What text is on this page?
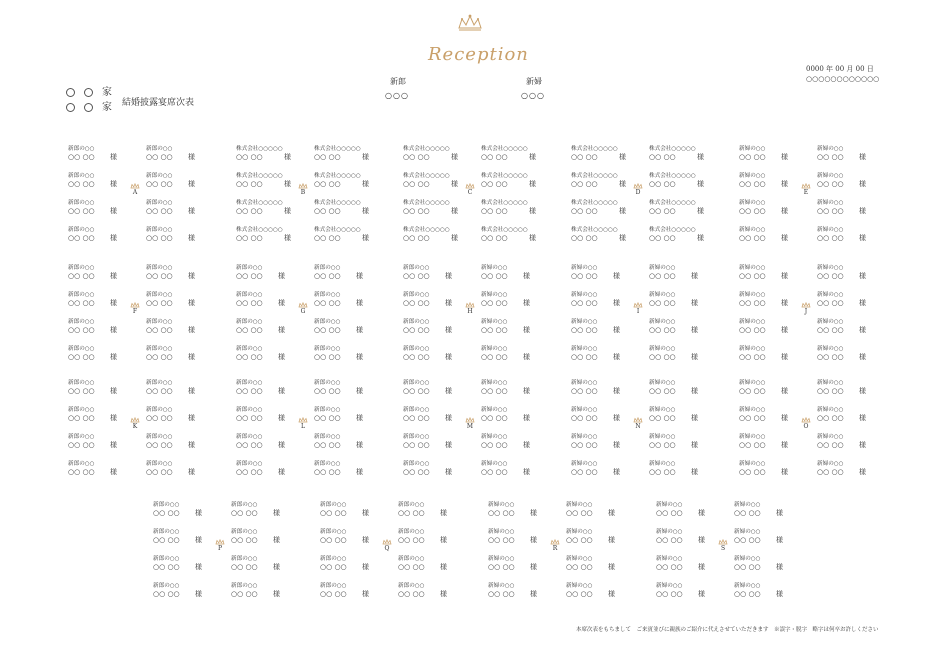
家
家 結婚披露宴席次表
Reception
新郎
○○○
新婦
○○○
0000 年 00 月 00 日
○○○○○○○○○○○○
新郎の○○
○○ ○○ 様
新郎の○○
○○ ○○ 様
新郎の○○
○○ ○○ 様
新郎の○○
○○ ○○ 様
新郎の○○
○○ ○○ 様
新郎の○○
○○ ○○ 様
新郎の○○
○○ ○○ 様
新郎の○○
○○ ○○ 様
A
株式会社○○○○○
○○ ○○	様
株式会社○○○○○
○○ ○○	様
株式会社○○○○○
○○ ○○	様
株式会社○○○○○
○○ ○○	様
株式会社○○○○○
○○ ○○	様
株式会社○○○○○
○○ ○○	様
株式会社○○○○○
○○ ○○	様
株式会社○○○○○
○○ ○○	様
B
株式会社○○○○○
○○ ○○	様
株式会社○○○○○
○○ ○○	様
株式会社○○○○○
○○ ○○	様
株式会社○○○○○
○○ ○○	様
株式会社○○○○○
○○ ○○	様
株式会社○○○○○
○○ ○○	様
株式会社○○○○○
○○ ○○	様
株式会社○○○○○
○○ ○○	様
C
株式会社○○○○○
○○ ○○	様
株式会社○○○○○
○○ ○○	様
株式会社○○○○○
○○ ○○	様
株式会社○○○○○
○○ ○○	様
株式会社○○○○○
○○ ○○	様
株式会社○○○○○
○○ ○○	様
株式会社○○○○○
○○ ○○	様
株式会社○○○○○
○○ ○○	様
D
新婦の○○
○○ ○○ 様
新婦の○○
○○ ○○ 様
新婦の○○
○○ ○○ 様
新婦の○○
○○ ○○ 様
新婦の○○
○○ ○○ 様
新婦の○○
○○ ○○ 様
新婦の○○
○○ ○○ 様
新婦の○○
○○ ○○ 様
E
新郎の○○
○○ ○○ 様
新郎の○○
○○ ○○ 様
新郎の○○
○○ ○○ 様
新郎の○○
○○ ○○ 様
新郎の○○
○○ ○○ 様
新郎の○○
○○ ○○ 様
新郎の○○
○○ ○○ 様
新郎の○○
○○ ○○ 様
F
新郎の○○
○○ ○○ 様
新郎の○○
○○ ○○ 様
新郎の○○
○○ ○○ 様
新郎の○○
○○ ○○ 様
新郎の○○
○○ ○○ 様
新郎の○○
○○ ○○ 様
新郎の○○
○○ ○○ 様
新郎の○○
○○ ○○ 様
G
新郎の○○
○○ ○○ 様
新婦の○○
○○ ○○ 様
新郎の○○
○○ ○○ 様
新婦の○○
○○ ○○ 様
新郎の○○
○○ ○○ 様
新婦の○○
○○ ○○ 様
新郎の○○
○○ ○○ 様
新婦の○○
○○ ○○ 様
H
新婦の○○
○○ ○○ 様
新婦の○○
○○ ○○ 様
新婦の○○
○○ ○○ 様
新婦の○○
○○ ○○ 様
新婦の○○
○○ ○○ 様
新婦の○○
○○ ○○ 様
新婦の○○
○○ ○○ 様
新婦の○○
○○ ○○ 様
I
新婦の○○
○○ ○○ 様
新婦の○○
○○ ○○ 様
新婦の○○
○○ ○○ 様
新婦の○○
○○ ○○ 様
新婦の○○
○○ ○○ 様
新婦の○○
○○ ○○ 様
新婦の○○
○○ ○○ 様
新婦の○○
○○ ○○ 様
J
新郎の○○
○○ ○○ 様
新郎の○○
○○ ○○ 様
新郎の○○
○○ ○○ 様
新郎の○○
○○ ○○ 様
新郎の○○
○○ ○○ 様
新郎の○○
○○ ○○ 様
新郎の○○
○○ ○○ 様
新郎の○○
○○ ○○ 様
K
新郎の○○
○○ ○○ 様
新郎の○○
○○ ○○ 様
新郎の○○
○○ ○○ 様
新郎の○○
○○ ○○ 様
新郎の○○
○○ ○○ 様
新郎の○○
○○ ○○ 様
新郎の○○
○○ ○○ 様
新郎の○○
○○ ○○ 様
L
新郎の○○
○○ ○○ 様
新婦の○○
○○ ○○ 様
新郎の○○
○○ ○○ 様
新婦の○○
○○ ○○ 様
新郎の○○
○○ ○○ 様
新婦の○○
○○ ○○ 様
新郎の○○
○○ ○○ 様
新婦の○○
○○ ○○ 様
M
新婦の○○
○○ ○○ 様
新婦の○○
○○ ○○ 様
新婦の○○
○○ ○○ 様
新婦の○○
○○ ○○ 様
新婦の○○
○○ ○○ 様
新婦の○○
○○ ○○ 様
新婦の○○
○○ ○○ 様
新婦の○○
○○ ○○ 様
N
新婦の○○
○○ ○○ 様
新婦の○○
○○ ○○ 様
新婦の○○
○○ ○○ 様
新婦の○○
○○ ○○ 様
新婦の○○
○○ ○○ 様
新婦の○○
○○ ○○ 様
新婦の○○
○○ ○○ 様
新婦の○○
○○ ○○ 様
O
新郎の○○
○○ ○○ 様
新郎の○○
○○ ○○ 様
新郎の○○
○○ ○○ 様
新郎の○○
○○ ○○ 様
新郎の○○
○○ ○○ 様
新郎の○○
○○ ○○ 様
新郎の○○
○○ ○○ 様
新郎の○○
○○ ○○ 様
P
新郎の○○
○○ ○○ 様
新郎の○○
○○ ○○ 様
新郎の○○
○○ ○○ 様
新郎の○○
○○ ○○ 様
新郎の○○
○○ ○○ 様
新郎の○○
○○ ○○ 様
新郎の○○
○○ ○○ 様
新郎の○○
○○ ○○ 様
Q
新婦の○○
○○ ○○ 様
新婦の○○
○○ ○○ 様
新婦の○○
○○ ○○ 様
新婦の○○
○○ ○○ 様
新婦の○○
○○ ○○ 様
新婦の○○
○○ ○○ 様
新婦の○○
○○ ○○ 様
新婦の○○
○○ ○○ 様
R
新婦の○○
○○ ○○ 様
新婦の○○
○○ ○○ 様
新婦の○○
○○ ○○ 様
新婦の○○
○○ ○○ 様
新婦の○○
○○ ○○ 様
新婦の○○
○○ ○○ 様
新婦の○○
○○ ○○ 様
新婦の○○
○○ ○○ 様
S
本席次表をもちまして　ご来賓並びに親族のご紹介に代えさせていただきます　※誤字・脱字　略字は何卒お許しください
